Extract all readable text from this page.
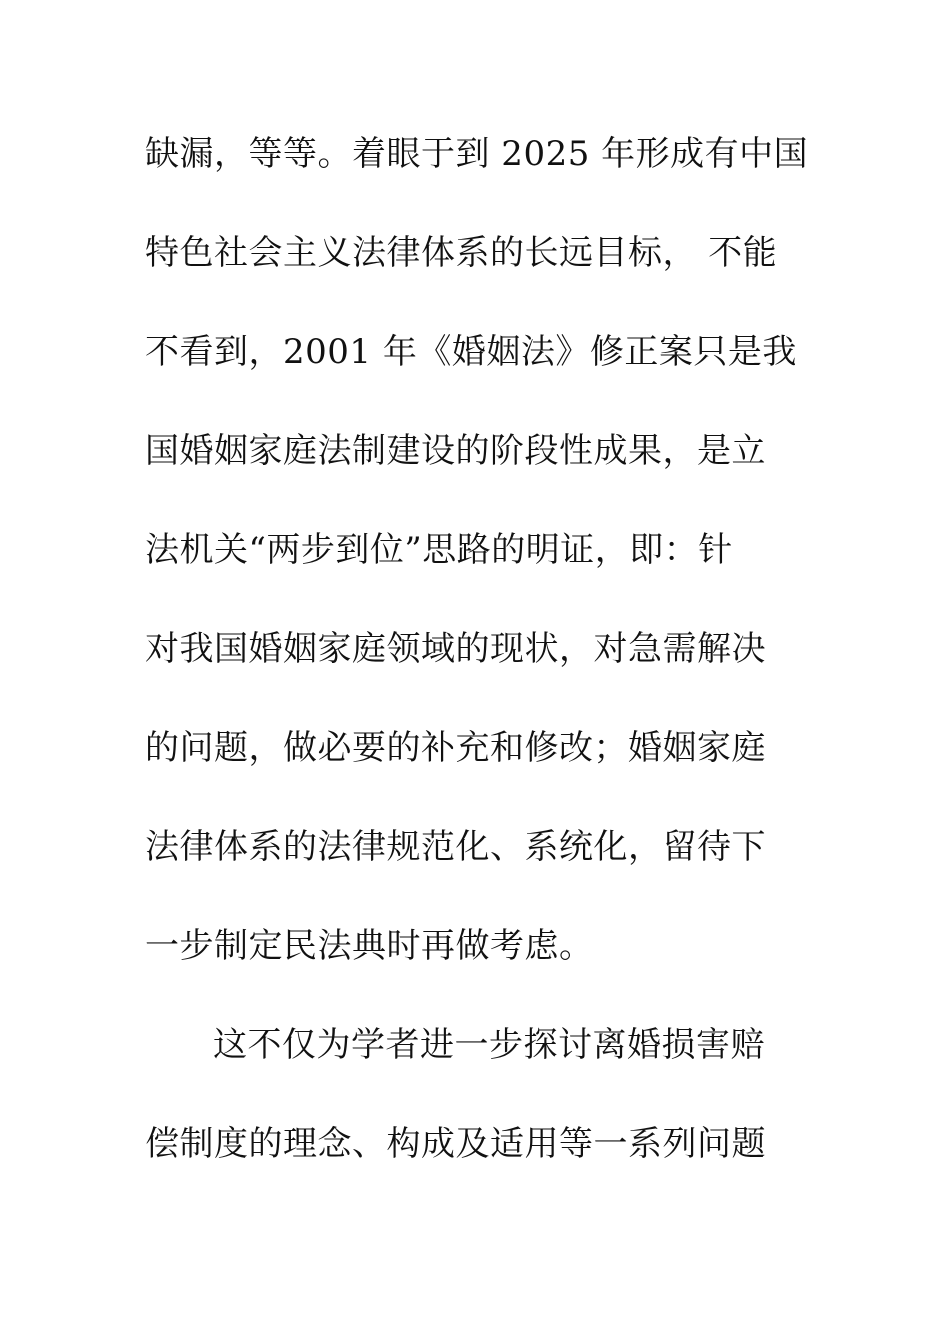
缺漏，等等。着眼于到 2025 年形成有中国
特色社会主义法律体系的长远目标， 不能
不看到，2001 年《婚姻法》修正案只是我
国婚姻家庭法制建设的阶段性成果，是立
法机关“两步到位”思路的明证，即：针
对我国婚姻家庭领域的现状，对急需解决
的问题，做必要的补充和修改；婚姻家庭
法律体系的法律规范化、系统化，留待下
一步制定民法典时再做考虑。
这不仅为学者进一步探讨离婚损害赔
偿制度的理念、构成及适用等一系列问题
